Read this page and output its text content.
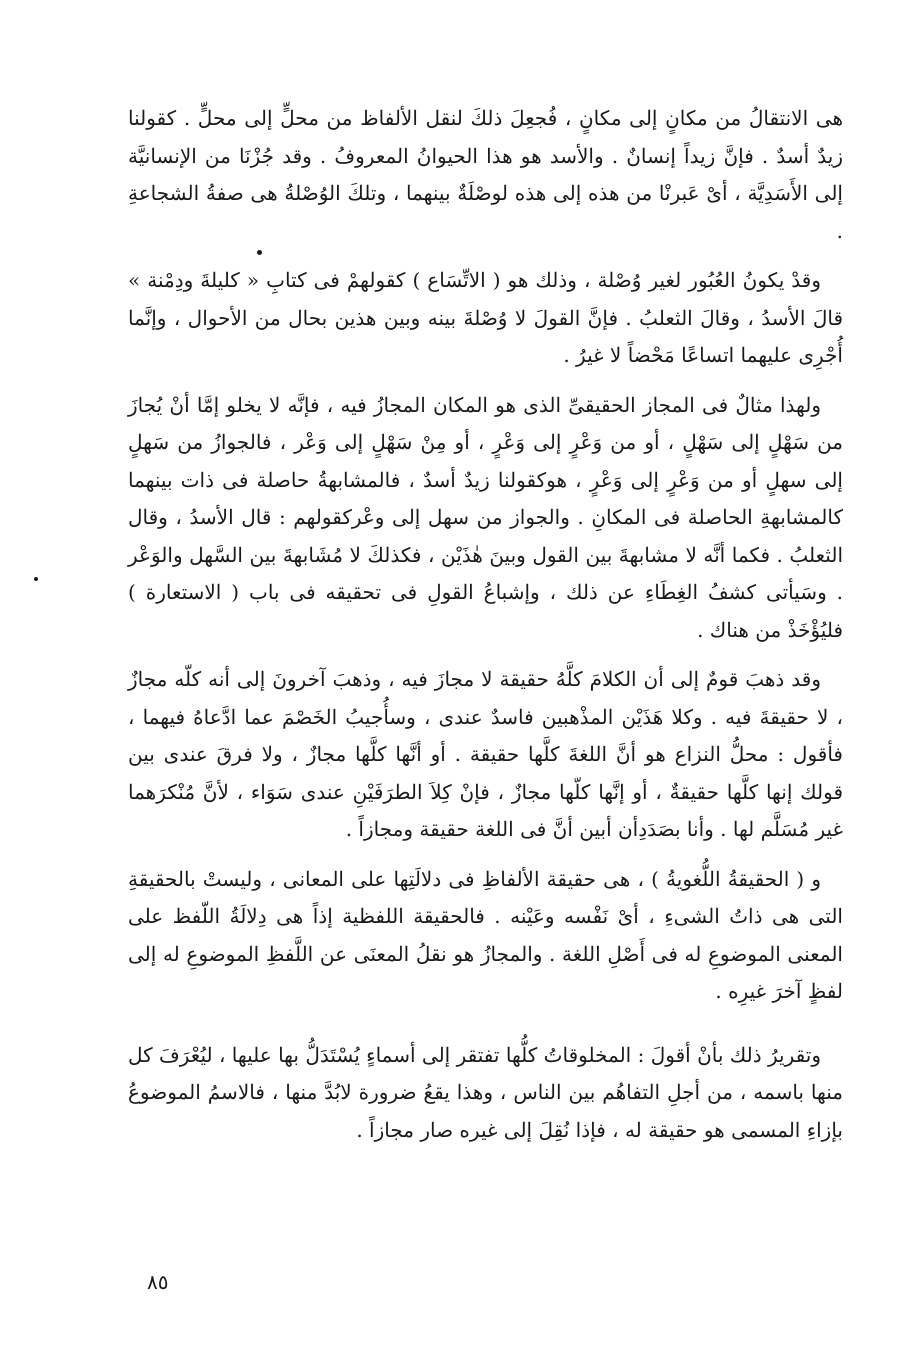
هى الانتقالُ من مكانٍ إلى مكانٍ ، فُجعِلَ ذلكَ لنقل الألفاظ من محلٍّ إلى محلٍّ . كقولنا زيدٌ أسدٌ . فإنَّ زيداً إنسانٌ . والأسد هو هذا الحيوانُ المعروفُ . وقد جُزْنَا من الإنسانيَّة إلى الأَسَدِيَّة ، أىْ عَبرنْا من هذه إلى هذه لوصْلَةٌ بينهما ، وتلكَ الوُصْلةُ هى صفةُ الشجاعةِ .

وقدْ يكونُ العُبُور لغير وُصْلة ، وذلك هو ( الاتِّسَاع ) كقولهمْ فى كتابِ « كليلةَ ودِمْنة » قالَ الأسدُ ، وقالَ الثعلبُ . فإنَّ القولَ لا وُصْلةَ بينه وبين هذين بحال من الأحوال ، وإنَّما أُجْرِى عليهما اتساعًا مَحْضاً لا غيرُ .

ولهذا مثالٌ فى المجاز الحقيقىِّ الذى هو المكان المجازُ فيه ، فإنَّه لا يخلو إمَّا أنْ يُجازَ من سَهْلٍ إلى سَهْلٍ ، أو من وَعْرٍ إلى وَعْرٍ ، أو مِنْ سَهْلٍ إلى وَعْر ، فالجوازُ من سَهلٍ إلى سهلٍ أو من وَعْرٍ إلى وَعْرٍ ، هوكقولنا زيدٌ أسدٌ ، فالمشابهةُ حاصلة فى ذات بينهما كالمشابهةِ الحاصلة فى المكانِ . والجواز من سهل إلى وعْركقولهم : قال الأسدُ ، وقال الثعلبُ . فكما أنَّه لا مشابهةَ بين القول وبينَ هٰذَيْن ، فكذلكَ لا مُشَابهةَ بين السَّهل والوَعْر . وسَيأتى كشفُ الغِطَاءِ عن ذلك ، وإشباعُ القولِ فى تحقيقه فى باب ( الاستعارة ) فليُؤْخَذْ من هناك .

وقد ذهبَ قومٌ إلى أن الكلامَ كلَّهُ حقيقة لا مجازَ فيه ، وذهبَ آخرونَ إلى أنه كلّه مجازٌ ، لا حقيقةَ فيه . وكلا هَذَيْن المذْهبين فاسدٌ عندى ، وسأُجيبُ الخَصْمَ عما ادَّعاهُ فيهما ، فأقول : محلُّ النزاع هو أنَّ اللغةَ كلَّها حقيقة . أو أنَّها كلَّها مجازٌ ، ولا فرقَ عندى بين قولك إنها كلَّها حقيقةٌ ، أو إنَّها كلّها مجازٌ ، فإنْ كِلاَ الطرَفَيْنِ عندى سَوَاء ، لأنَّ مُنْكرَهما غير مُسَلَّم لها . وأنا بصَدَدِأن أبين أنَّ فى اللغة حقيقة ومجازاً .

و ( الحقيقةُ اللُّغويةُ ) ، هى حقيقة الألفاظِ فى دلالَتِها على المعانى ، وليستْ بالحقيقةِ التى هى ذاتُ الشىءِ ، أىْ نَفْسه وعَيْنه . فالحقيقة اللفظية إذاً هى دِلالَةُ اللّفظ على المعنى الموضوعِ له فى أَصْلِ اللغة . والمجازُ هو نقلُ المعنَى عن اللَّفظِ الموضوعِ له إلى لفظٍ آخرَ غيرِه .

وتقريرُ ذلك بأنْ أقولَ : المخلوقاتُ كلُّها تفتقر إلى أسماءٍ يُسْتَدَلُّ بها عليها ، ليُعْرَفَ كل منها باسمه ، من أجلِ التفاهُم بين الناس ، وهذا يقعُ ضرورة لابُدَّ منها ، فالاسمُ الموضوعُ بإزاءِ المسمى هو حقيقة له ، فإذا نُقِلَ إلى غيره صار مجازاً .

٨٥
